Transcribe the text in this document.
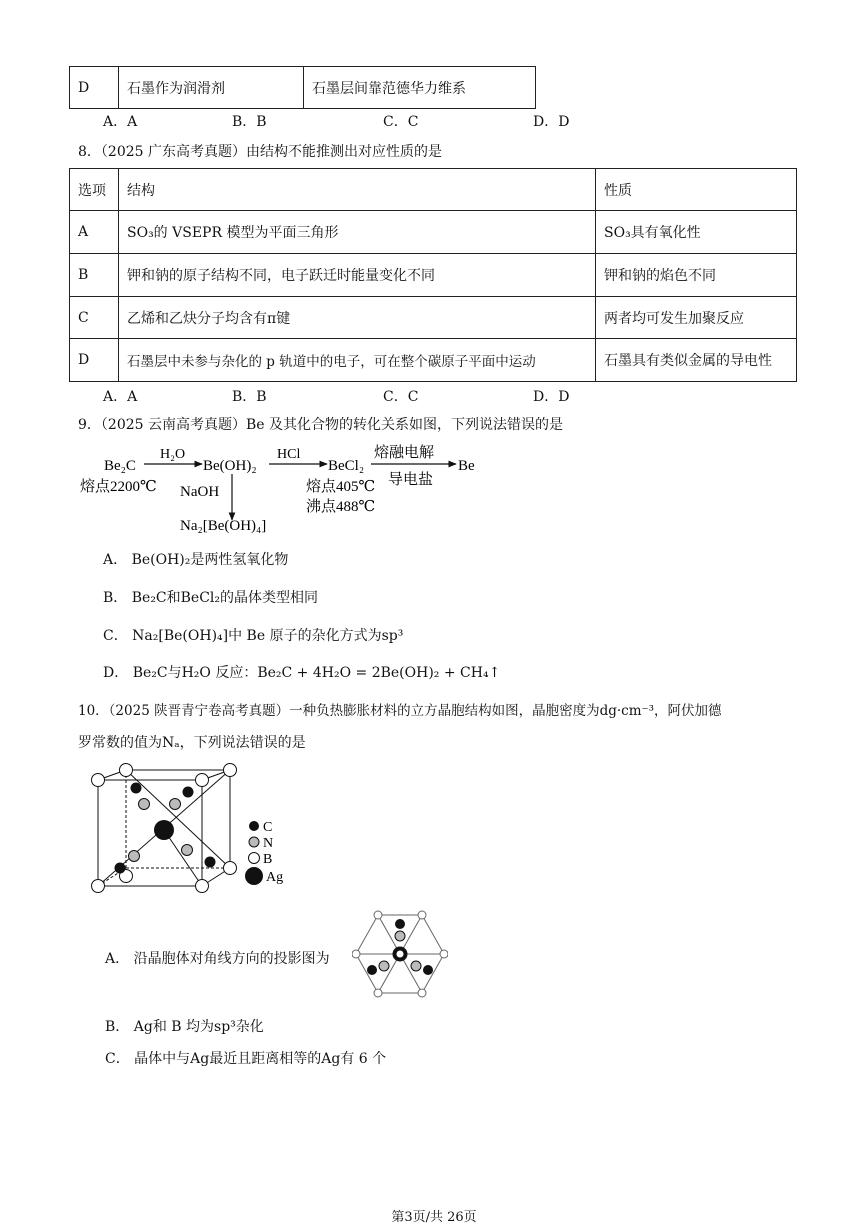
D	石墨作为润滑剂	石墨层间靠范德华力维系
A．A	B．B	C．C	D．D
8．（2025 广东高考真题）由结构不能推测出对应性质的是
选项	结构	性质
A	SO₃的 VSEPR 模型为平面三角形	SO₃具有氧化性
B	钾和钠的原子结构不同，电子跃迁时能量变化不同	钾和钠的焰色不同
C	乙烯和乙炔分子均含有π键	两者均可发生加聚反应
D	石墨层中未参与杂化的 p 轨道中的电子，可在整个碳原子平面中运动	石墨具有类似金属的导电性
A．A	B．B	C．C	D．D
9．（2025 云南高考真题）Be 及其化合物的转化关系如图，下列说法错误的是
Be₂C
H₂O
Be(OH)₂
HCl
BeCl₂
熔融电解
导电盐
Be
熔点2200℃ NaOH	熔点405℃
沸点488℃
Na₂[Be(OH)₄]
A． Be(OH)₂是两性氢氧化物
B． Be₂C和BeCl₂的晶体类型相同
C． Na₂[Be(OH)₄]中 Be 原子的杂化方式为sp³
D． Be₂C与H₂O 反应：Be₂C + 4H₂O = 2Be(OH)₂ + CH₄↑
10．（2025 陕晋青宁卷高考真题）一种负热膨胀材料的立方晶胞结构如图，晶胞密度为dg·cm⁻³，阿伏加德
罗常数的值为Nₐ，下列说法错误的是
C
N
B
Ag
A． 沿晶胞体对角线方向的投影图为
B． Ag和 B 均为sp³杂化
C． 晶体中与Ag最近且距离相等的Ag有 6 个
第3页/共 26页
